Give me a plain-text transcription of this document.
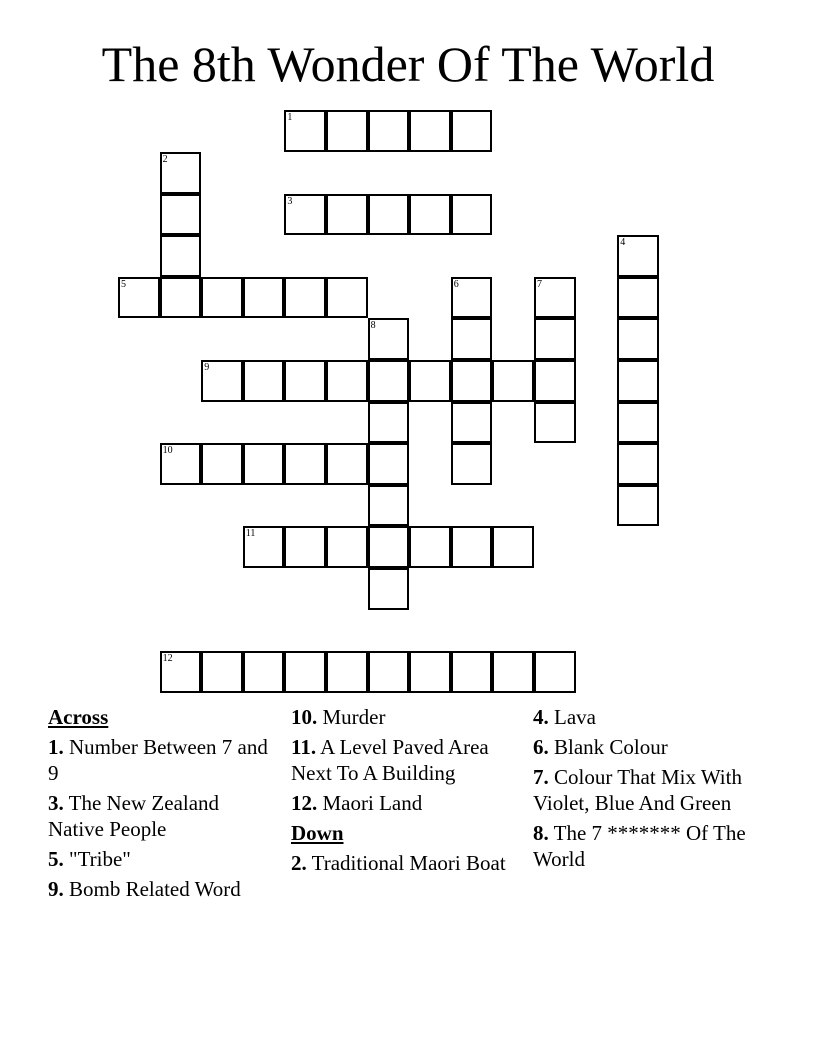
The 8th Wonder Of The World
1
2
3
4
5	6	7
8
9
10
11
12
Across
1. Number Between 7 and 9
3. The New Zealand Native People
5. "Tribe"
9. Bomb Related Word
10. Murder
11. A Level Paved Area Next To A Building
12. Maori Land
Down
2. Traditional Maori Boat
4. Lava
6. Blank Colour
7. Colour That Mix With Violet, Blue And Green
8. The 7 ******* Of The World
